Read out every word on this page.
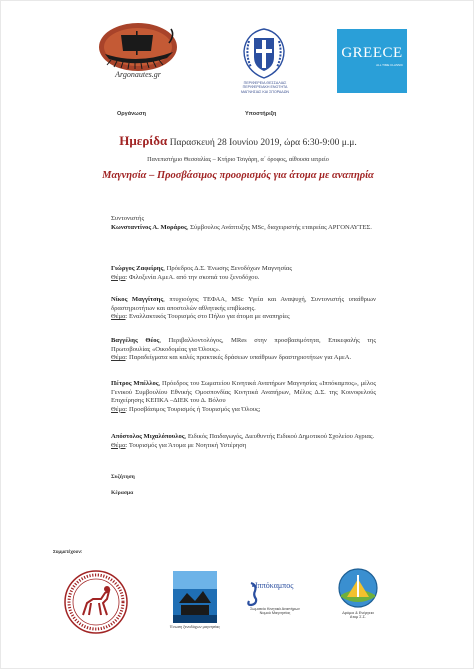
Argonautes.gr
ΠΕΡΙΦΕΡΕΙΑ ΘΕΣΣΑΛΙΑΣ
ΠΕΡΙΦΕΡΕΙΑΚΗ ΕΝΟΤΗΤΑ
ΜΑΓΝΗΣΙΑΣ ΚΑΙ ΣΠΟΡΑΔΩΝ
GREECE
ALL TIME CLASSIC
Οργάνωση	Υποστήριξη
Ημερίδα Παρασκευή 28 Ιουνίου 2019, ώρα 6:30-9:00 μ.μ.
Πανεπιστήμιο Θεσσαλίας – Κτήριο Τσιγάρη, α΄ όροφος, αίθουσα ιατρείο
Μαγνησία – Προσβάσιμος προορισμός για άτομα με αναπηρία
Συντονιστής
Κωνσταντίνος Α. Μοράρος, Σύμβουλος Ανάπτυξης MSc, διαχειριστής εταιρείας ΑΡΓΟΝΑΥΤΕΣ.
Γιώργος Ζαφείρης, Πρόεδρος Δ.Σ. Ένωσης Ξενοδόχων Μαγνησίας
Θέμα: Φιλοξενία ΑμεΑ. από την σκοπιά του ξενοδόχου.
Νίκος Μαγγίτσης, πτυχιούχος ΤΕΦΑΑ, MSc Υγεία και Αναψυχή, Συντονιστής υπαίθριων δραστηριοτήτων και αποστολών αθλητικής επιβίωσης.
Θέμα: Εναλλακτικός Τουρισμός στο Πήλιο για άτομα με αναπηρίες
Βαγγέλης Θέος, Περιβαλλοντολόγος, MRes στην προσβασιμότητα, Επικεφαλής της Πρωτοβουλίας «Οικοδομέας για Όλους».
Θέμα: Παραδείγματα και καλές πρακτικές δράσεων υπαίθριων δραστηριοτήτων για ΑμεΑ.
Πέτρος Μπέλλος, Πρόεδρος του Σωματείου Κινητικά Αναπήρων Μαγνησίας «Ιππόκαμπος», μέλος Γενικού Συμβουλίου Εθνικής Ομοσπονδίας Κινητικά Αναπήρων, Μέλος Δ.Σ. της Κοινοφελούς Επιχείρησης ΚΕΠΚΑ –ΔΙΕΚ του Δ. Βόλου
Θέμα: Προσβάσιμος Τουρισμός ή Τουρισμός για Όλους;
Απόστολος Μιχαλόπουλος, Ειδικός Παιδαγωγός, Διευθυντής Ειδικού Δημοτικού Σχολείου Αγριας.
Θέμα: Τουρισμός για Άτομα με Νοητική Υστέρηση
Συζήτηση
Κέρασμα
Συμμετέχουν:
Ένωση ξενοδόχων μαγνησίας
Ιππόκαμπος
Σωματείο Κινητικά Αναπήρων
Νομού Μαγνησίας	Δρόμοι & Ενέργεια
Ατομ Σ.Σ.
